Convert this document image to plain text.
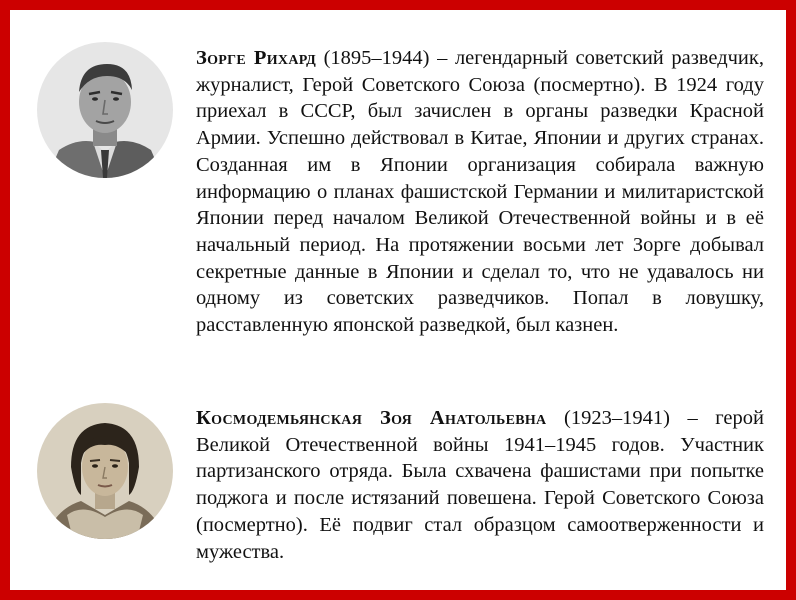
Зорге Рихард (1895–1944) – легендарный советский разведчик, журналист, Герой Советского Союза (посмертно). В 1924 году приехал в СССР, был зачислен в органы разведки Красной Армии. Успешно действовал в Китае, Японии и других странах. Созданная им в Японии организация собирала важную информацию о планах фашистской Германии и милитаристской Японии перед началом Великой Отечественной войны и в её начальный период. На протяжении восьми лет Зорге добывал секретные данные в Японии и сделал то, что не удавалось ни одному из советских разведчиков. Попал в ловушку, расставленную японской разведкой, был казнен.

Космодемьянская Зоя Анатольевна (1923–1941) – герой Великой Отечественной войны 1941–1945 годов. Участник партизанского отряда. Была схвачена фашистами при попытке поджога и после истязаний повешена. Герой Советского Союза (посмертно). Её подвиг стал образцом самоотверженности и мужества.
